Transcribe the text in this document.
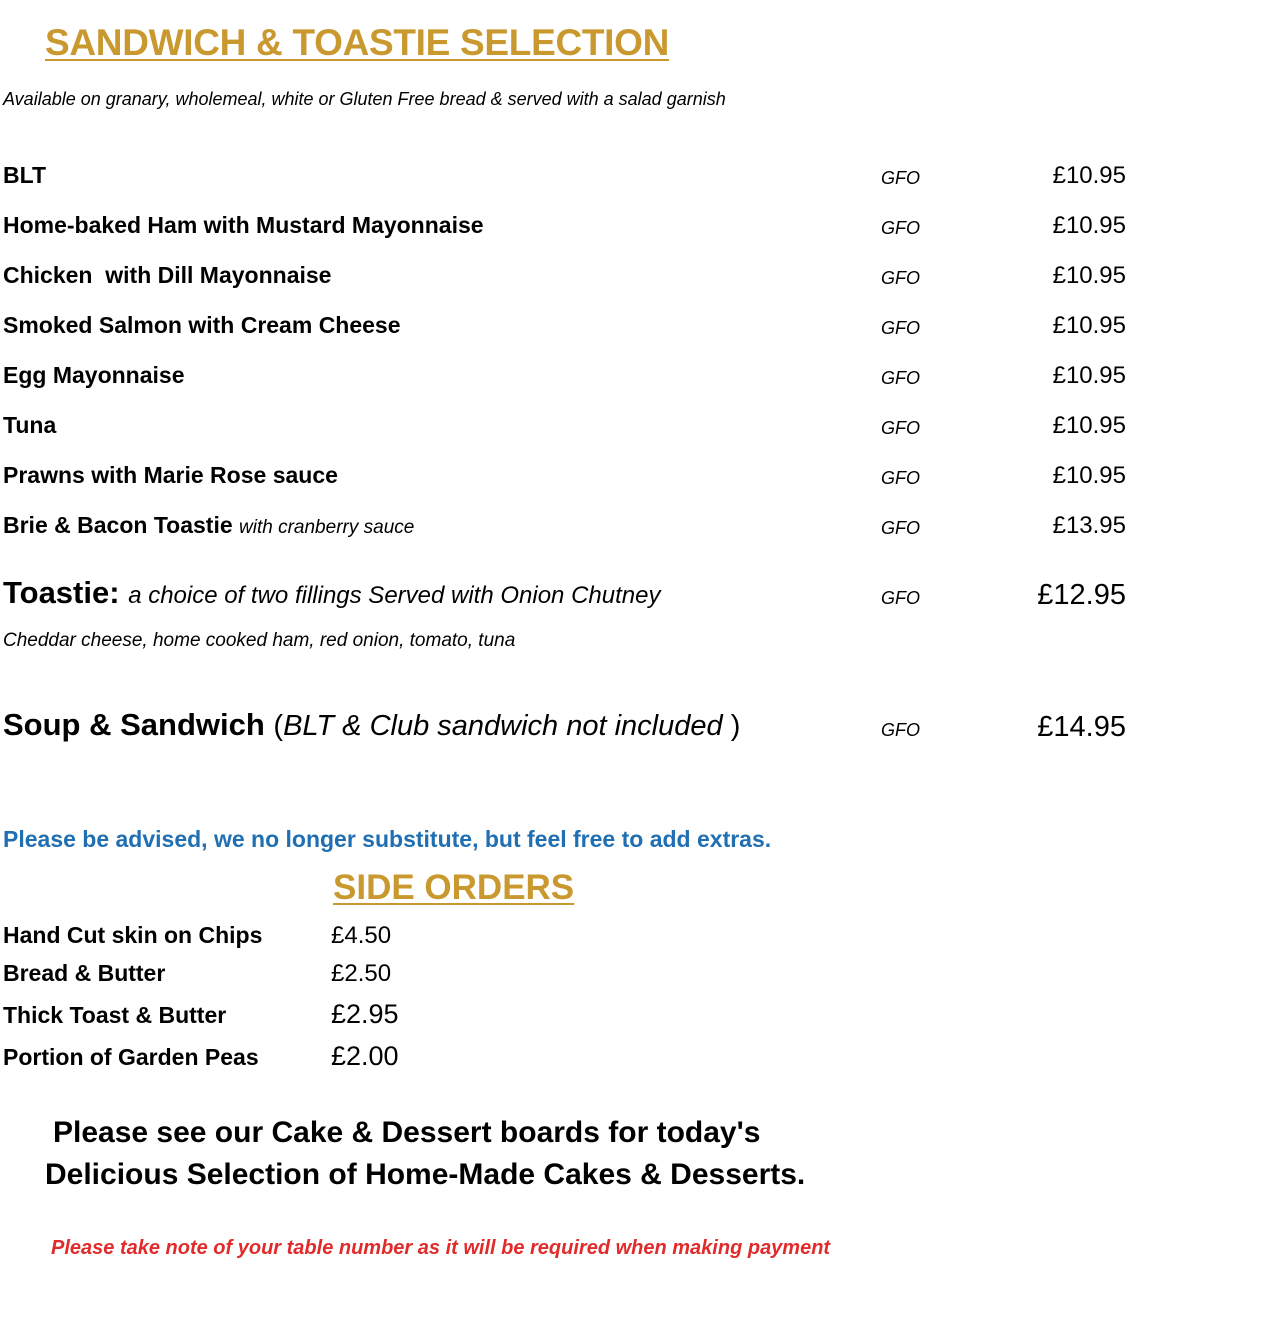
SANDWICH & TOASTIE SELECTION
Available on granary, wholemeal, white or Gluten Free bread & served with a salad garnish
BLT	GFO	£10.95
Home-baked Ham with Mustard Mayonnaise	GFO	£10.95
Chicken  with Dill Mayonnaise	GFO	£10.95
Smoked Salmon with Cream Cheese	GFO	£10.95
Egg Mayonnaise	GFO	£10.95
Tuna	GFO	£10.95
Prawns with Marie Rose sauce	GFO	£10.95
Brie & Bacon Toastie with cranberry sauce	GFO	£13.95
Toastie: a choice of two fillings Served with Onion Chutney	GFO	£12.95
Cheddar cheese, home cooked ham, red onion, tomato, tuna
Soup & Sandwich (BLT & Club sandwich not included )	GFO	£14.95
Please be advised, we no longer substitute, but feel free to add extras.
SIDE ORDERS
Hand Cut skin on Chips	£4.50
Bread & Butter	£2.50
Thick Toast & Butter	£2.95
Portion of Garden Peas	£2.00
Please see our Cake & Dessert boards for today's
Delicious Selection of Home-Made Cakes & Desserts.
Please take note of your table number as it will be required when making payment
